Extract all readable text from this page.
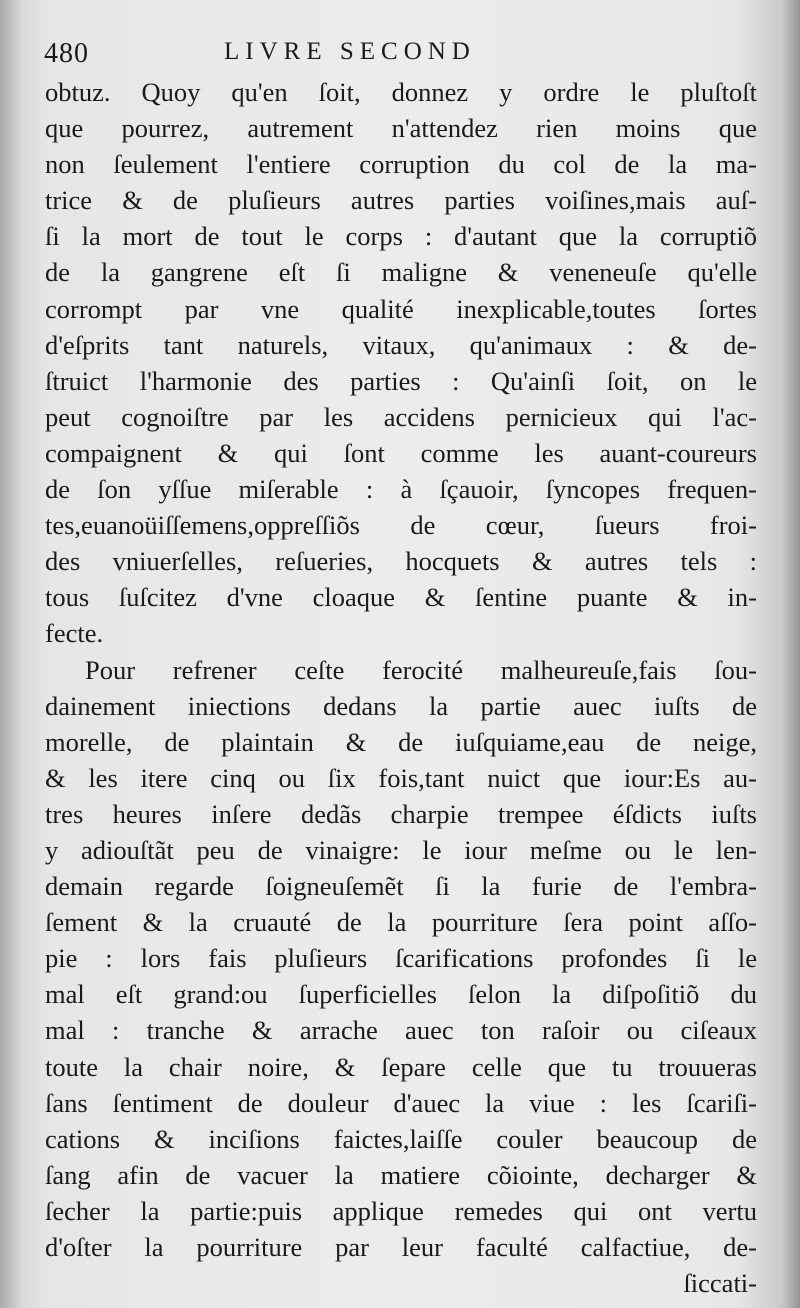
480	LIVRE SECOND
obtuz. Quoy qu'en ſoit, donnez y ordre le pluſtoſt
que pourrez, autrement n'attendez rien moins que
non ſeulement l'entiere corruption du col de la ma-
trice & de pluſieurs autres parties voiſines,mais auſ-
ſi la mort de tout le corps : d'autant que la corruptiõ
de la gangrene eſt ſi maligne & veneneuſe qu'elle
corrompt par vne qualité inexplicable,toutes ſortes
d'eſprits tant naturels, vitaux, qu'animaux : & de-
ſtruict l'harmonie des parties : Qu'ainſi ſoit, on le
peut cognoiſtre par les accidens pernicieux qui l'ac-
compaignent & qui ſont comme les auant-coureurs
de ſon yſſue miſerable : à ſçauoir, ſyncopes frequen-
tes,euanoüiſſemens,oppreſſiõs de cœur, ſueurs froi-
des vniuerſelles, reſueries, hocquets & autres tels :
tous ſuſcitez d'vne cloaque & ſentine puante & in-
fecte.
Pour refrener ceſte ferocité malheureuſe,fais ſou-
dainement iniections dedans la partie auec iuſts de
morelle, de plaintain & de iuſquiame,eau de neige,
& les itere cinq ou ſix fois,tant nuict que iour:Es au-
tres heures inſere dedãs charpie trempee éſdicts iuſts
y adiouſtãt peu de vinaigre: le iour meſme ou le len-
demain regarde ſoigneuſemẽt ſi la furie de l'embra-
ſement & la cruauté de la pourriture ſera point aſſo-
pie : lors fais pluſieurs ſcarifications profondes ſi le
mal eſt grand:ou ſuperficielles ſelon la diſpoſitiõ du
mal : tranche & arrache auec ton raſoir ou ciſeaux
toute la chair noire, & ſepare celle que tu trouueras
ſans ſentiment de douleur d'auec la viue : les ſcariſi-
cations & inciſions faictes,laiſſe couler beaucoup de
ſang afin de vacuer la matiere cõiointe, decharger &
ſecher la partie:puis applique remedes qui ont vertu
d'oſter la pourriture par leur faculté calfactiue, de-
ſiccati-
